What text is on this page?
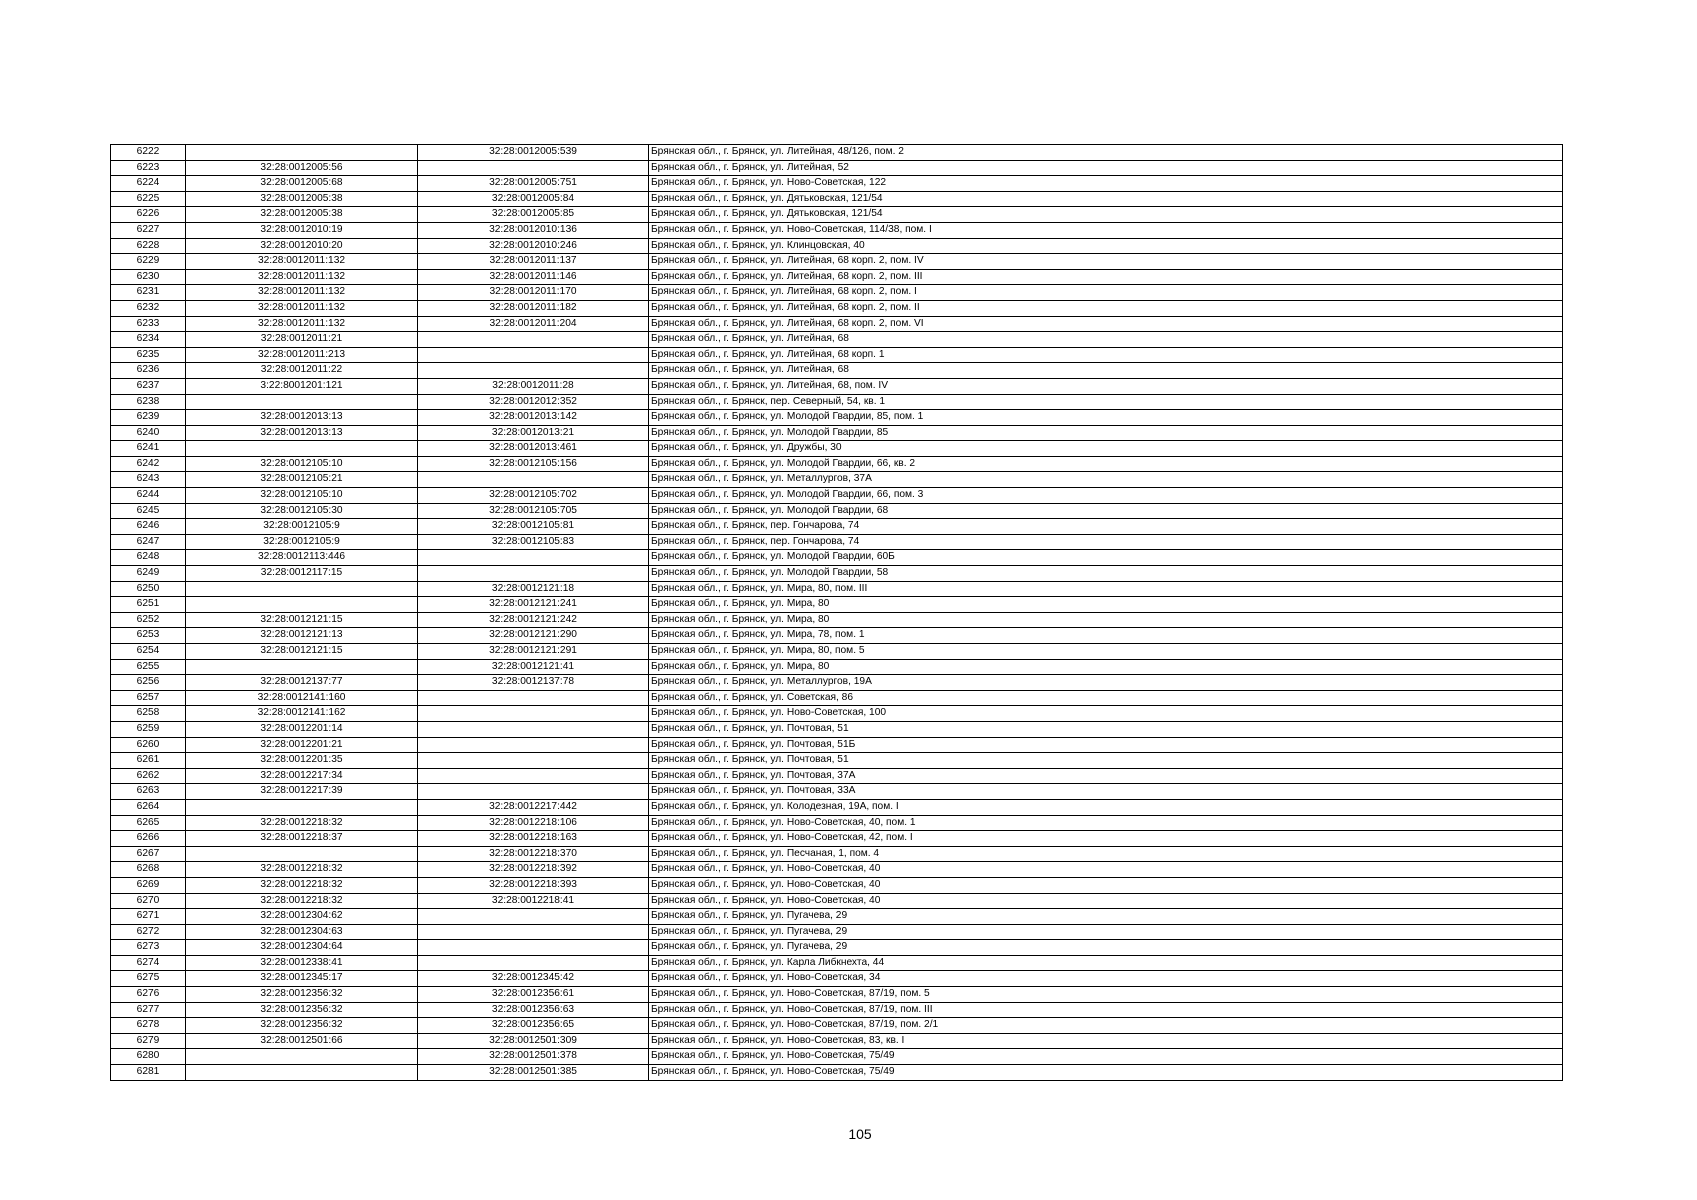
6222		32:28:0012005:539	Брянская обл., г. Брянск, ул. Литейная, 48/126, пом. 2
6223	32:28:0012005:56		Брянская обл., г. Брянск, ул. Литейная, 52
6224	32:28:0012005:68	32:28:0012005:751	Брянская обл., г. Брянск, ул. Ново-Советская, 122
6225	32:28:0012005:38	32:28:0012005:84	Брянская обл., г. Брянск, ул. Дятьковская, 121/54
6226	32:28:0012005:38	32:28:0012005:85	Брянская обл., г. Брянск, ул. Дятьковская, 121/54
6227	32:28:0012010:19	32:28:0012010:136	Брянская обл., г. Брянск, ул. Ново-Советская, 114/38, пом. I
6228	32:28:0012010:20	32:28:0012010:246	Брянская обл., г. Брянск, ул. Клинцовская, 40
6229	32:28:0012011:132	32:28:0012011:137	Брянская обл., г. Брянск, ул. Литейная, 68 корп. 2, пом. IV
6230	32:28:0012011:132	32:28:0012011:146	Брянская обл., г. Брянск, ул. Литейная, 68 корп. 2, пом. III
6231	32:28:0012011:132	32:28:0012011:170	Брянская обл., г. Брянск, ул. Литейная, 68 корп. 2, пом. I
6232	32:28:0012011:132	32:28:0012011:182	Брянская обл., г. Брянск, ул. Литейная, 68 корп. 2, пом. II
6233	32:28:0012011:132	32:28:0012011:204	Брянская обл., г. Брянск, ул. Литейная, 68 корп. 2, пом. VI
6234	32:28:0012011:21		Брянская обл., г. Брянск, ул. Литейная, 68
6235	32:28:0012011:213		Брянская обл., г. Брянск, ул. Литейная, 68 корп. 1
6236	32:28:0012011:22		Брянская обл., г. Брянск, ул. Литейная, 68
6237	3:22:8001201:121	32:28:0012011:28	Брянская обл., г. Брянск, ул. Литейная, 68, пом. IV
6238		32:28:0012012:352	Брянская обл., г. Брянск, пер. Северный, 54, кв. 1
6239	32:28:0012013:13	32:28:0012013:142	Брянская обл., г. Брянск, ул. Молодой Гвардии, 85, пом. 1
6240	32:28:0012013:13	32:28:0012013:21	Брянская обл., г. Брянск, ул. Молодой Гвардии, 85
6241		32:28:0012013:461	Брянская обл., г. Брянск, ул. Дружбы, 30
6242	32:28:0012105:10	32:28:0012105:156	Брянская обл., г. Брянск, ул. Молодой Гвардии, 66, кв. 2
6243	32:28:0012105:21		Брянская обл., г. Брянск, ул. Металлургов, 37А
6244	32:28:0012105:10	32:28:0012105:702	Брянская обл., г. Брянск, ул. Молодой Гвардии, 66, пом. 3
6245	32:28:0012105:30	32:28:0012105:705	Брянская обл., г. Брянск, ул. Молодой Гвардии, 68
6246	32:28:0012105:9	32:28:0012105:81	Брянская обл., г. Брянск, пер. Гончарова, 74
6247	32:28:0012105:9	32:28:0012105:83	Брянская обл., г. Брянск, пер. Гончарова, 74
6248	32:28:0012113:446		Брянская обл., г. Брянск, ул. Молодой Гвардии, 60Б
6249	32:28:0012117:15		Брянская обл., г. Брянск, ул. Молодой Гвардии, 58
6250		32:28:0012121:18	Брянская обл., г. Брянск, ул. Мира, 80, пом. III
6251		32:28:0012121:241	Брянская обл., г. Брянск, ул. Мира, 80
6252	32:28:0012121:15	32:28:0012121:242	Брянская обл., г. Брянск, ул. Мира, 80
6253	32:28:0012121:13	32:28:0012121:290	Брянская обл., г. Брянск, ул. Мира, 78, пом. 1
6254	32:28:0012121:15	32:28:0012121:291	Брянская обл., г. Брянск, ул. Мира, 80, пом. 5
6255		32:28:0012121:41	Брянская обл., г. Брянск, ул. Мира, 80
6256	32:28:0012137:77	32:28:0012137:78	Брянская обл., г. Брянск, ул. Металлургов, 19А
6257	32:28:0012141:160		Брянская обл., г. Брянск, ул. Советская, 86
6258	32:28:0012141:162		Брянская обл., г. Брянск, ул. Ново-Советская, 100
6259	32:28:0012201:14		Брянская обл., г. Брянск, ул. Почтовая, 51
6260	32:28:0012201:21		Брянская обл., г. Брянск, ул. Почтовая, 51Б
6261	32:28:0012201:35		Брянская обл., г. Брянск, ул. Почтовая, 51
6262	32:28:0012217:34		Брянская обл., г. Брянск, ул. Почтовая, 37А
6263	32:28:0012217:39		Брянская обл., г. Брянск, ул. Почтовая, 33А
6264		32:28:0012217:442	Брянская обл., г. Брянск, ул. Колодезная, 19А, пом. I
6265	32:28:0012218:32	32:28:0012218:106	Брянская обл., г. Брянск, ул. Ново-Советская, 40, пом. 1
6266	32:28:0012218:37	32:28:0012218:163	Брянская обл., г. Брянск, ул. Ново-Советская, 42, пом. I
6267		32:28:0012218:370	Брянская обл., г. Брянск, ул. Песчаная, 1, пом. 4
6268	32:28:0012218:32	32:28:0012218:392	Брянская обл., г. Брянск, ул. Ново-Советская, 40
6269	32:28:0012218:32	32:28:0012218:393	Брянская обл., г. Брянск, ул. Ново-Советская, 40
6270	32:28:0012218:32	32:28:0012218:41	Брянская обл., г. Брянск, ул. Ново-Советская, 40
6271	32:28:0012304:62		Брянская обл., г. Брянск, ул. Пугачева, 29
6272	32:28:0012304:63		Брянская обл., г. Брянск, ул. Пугачева, 29
6273	32:28:0012304:64		Брянская обл., г. Брянск, ул. Пугачева, 29
6274	32:28:0012338:41		Брянская обл., г. Брянск, ул. Карла Либкнехта, 44
6275	32:28:0012345:17	32:28:0012345:42	Брянская обл., г. Брянск, ул. Ново-Советская, 34
6276	32:28:0012356:32	32:28:0012356:61	Брянская обл., г. Брянск, ул. Ново-Советская, 87/19, пом. 5
6277	32:28:0012356:32	32:28:0012356:63	Брянская обл., г. Брянск, ул. Ново-Советская, 87/19, пом. III
6278	32:28:0012356:32	32:28:0012356:65	Брянская обл., г. Брянск, ул. Ново-Советская, 87/19, пом. 2/1
6279	32:28:0012501:66	32:28:0012501:309	Брянская обл., г. Брянск, ул. Ново-Советская, 83, кв. I
6280		32:28:0012501:378	Брянская обл., г. Брянск, ул. Ново-Советская, 75/49
6281		32:28:0012501:385	Брянская обл., г. Брянск, ул. Ново-Советская, 75/49
105
